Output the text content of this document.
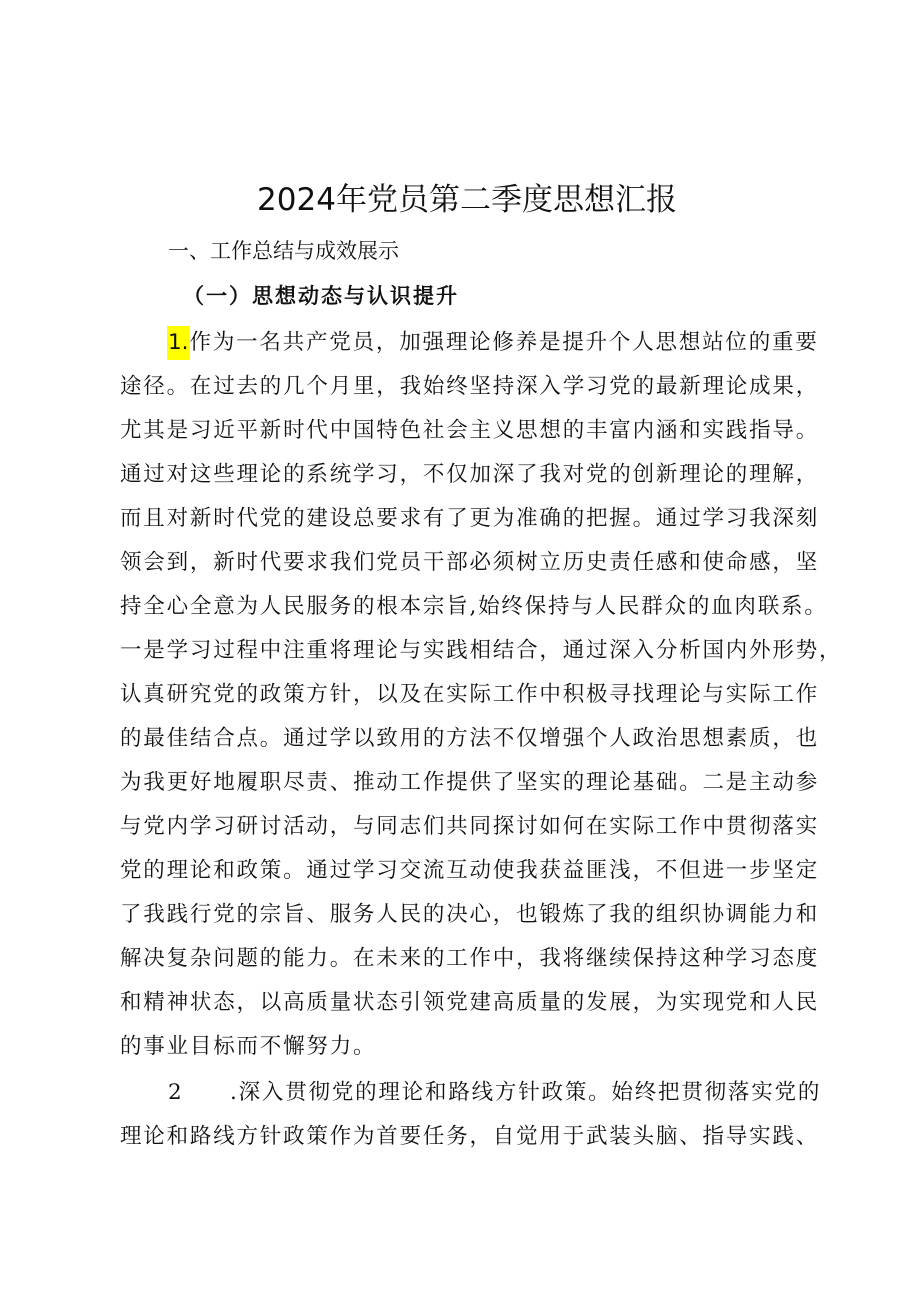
2024年党员第二季度思想汇报
一、工作总结与成效展示
（一）思想动态与认识提升
1.作为一名共产党员，加强理论修养是提升个人思想站位的重要
途径。在过去的几个月里，我始终坚持深入学习党的最新理论成果，
尤其是习近平新时代中国特色社会主义思想的丰富内涵和实践指导。
通过对这些理论的系统学习，不仅加深了我对党的创新理论的理解，
而且对新时代党的建设总要求有了更为准确的把握。通过学习我深刻
领会到，新时代要求我们党员干部必须树立历史责任感和使命感，坚
持全心全意为人民服务的根本宗旨,始终保持与人民群众的血肉联系。
一是学习过程中注重将理论与实践相结合，通过深入分析国内外形势，
认真研究党的政策方针，以及在实际工作中积极寻找理论与实际工作
的最佳结合点。通过学以致用的方法不仅增强个人政治思想素质，也
为我更好地履职尽责、推动工作提供了坚实的理论基础。二是主动参
与党内学习研讨活动，与同志们共同探讨如何在实际工作中贯彻落实
党的理论和政策。通过学习交流互动使我获益匪浅，不但进一步坚定
了我践行党的宗旨、服务人民的决心，也锻炼了我的组织协调能力和
解决复杂问题的能力。在未来的工作中，我将继续保持这种学习态度
和精神状态，以高质量状态引领党建高质量的发展，为实现党和人民
的事业目标而不懈努力。
2 .深入贯彻党的理论和路线方针政策。始终把贯彻落实党的
理论和路线方针政策作为首要任务，自觉用于武装头脑、指导实践、
